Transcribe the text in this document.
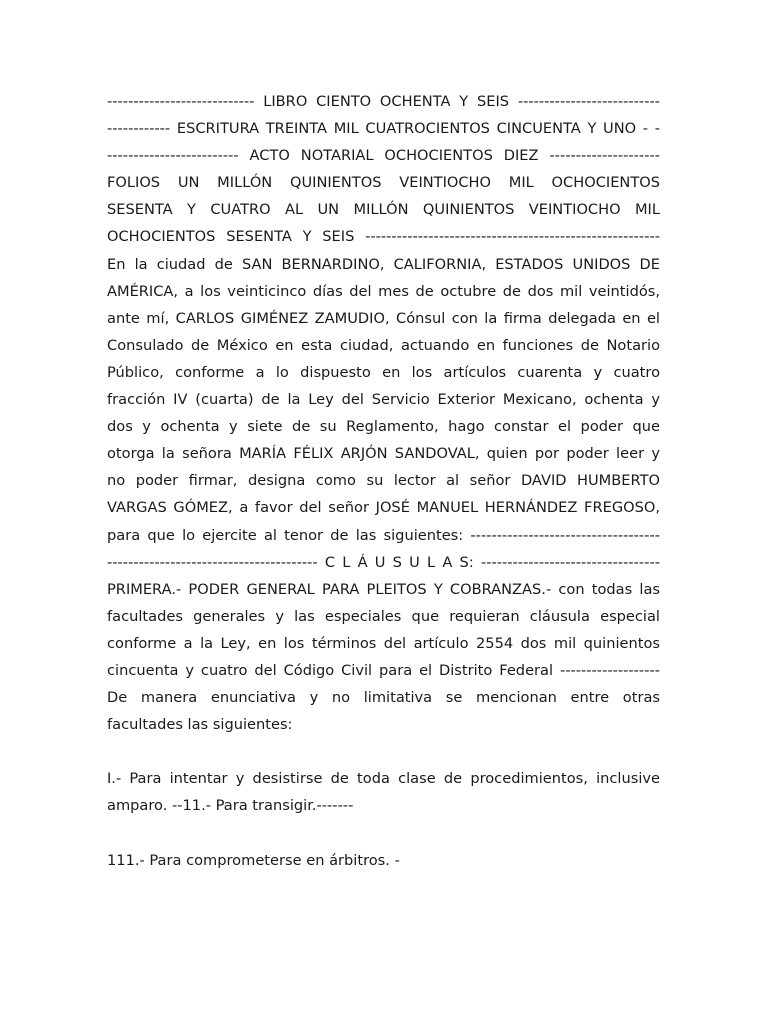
---------------------------- LIBRO CIENTO OCHENTA Y SEIS ---------------------------
------------ ESCRITURA TREINTA MIL CUATROCIENTOS CINCUENTA Y UNO - -
------------------------- ACTO NOTARIAL OCHOCIENTOS DIEZ ---------------------
FOLIOS UN MILLÓN QUINIENTOS VEINTIOCHO MIL OCHOCIENTOS
SESENTA Y CUATRO AL UN MILLÓN QUINIENTOS VEINTIOCHO MIL
OCHOCIENTOS SESENTA Y SEIS --------------------------------------------------------
En la ciudad de SAN BERNARDINO, CALIFORNIA, ESTADOS UNIDOS DE
AMÉRICA, a los veinticinco días del mes de octubre de dos mil veintidós,
ante mí, CARLOS GIMÉNEZ ZAMUDIO, Cónsul con la firma delegada en el
Consulado de México en esta ciudad, actuando en funciones de Notario
Público, conforme a lo dispuesto en los artículos cuarenta y cuatro
fracción IV (cuarta) de la Ley del Servicio Exterior Mexicano, ochenta y
dos y ochenta y siete de su Reglamento, hago constar el poder que
otorga la señora MARÍA FÉLIX ARJÓN SANDOVAL, quien por poder leer y
no poder firmar, designa como su lector al señor DAVID HUMBERTO
VARGAS GÓMEZ, a favor del señor JOSÉ MANUEL HERNÁNDEZ FREGOSO,
para que lo ejercite al tenor de las siguientes: ------------------------------------
---------------------------------------- C L Á U S U L A S: ----------------------------------
PRIMERA.- PODER GENERAL PARA PLEITOS Y COBRANZAS.- con todas las
facultades generales y las especiales que requieran cláusula especial
conforme a la Ley, en los términos del artículo 2554 dos mil quinientos
cincuenta y cuatro del Código Civil para el Distrito Federal -------------------
De manera enunciativa y no limitativa se mencionan entre otras
facultades las siguientes:
I.- Para intentar y desistirse de toda clase de procedimientos, inclusive
amparo. --11.- Para transigir.-------
111.- Para comprometerse en árbitros. -
